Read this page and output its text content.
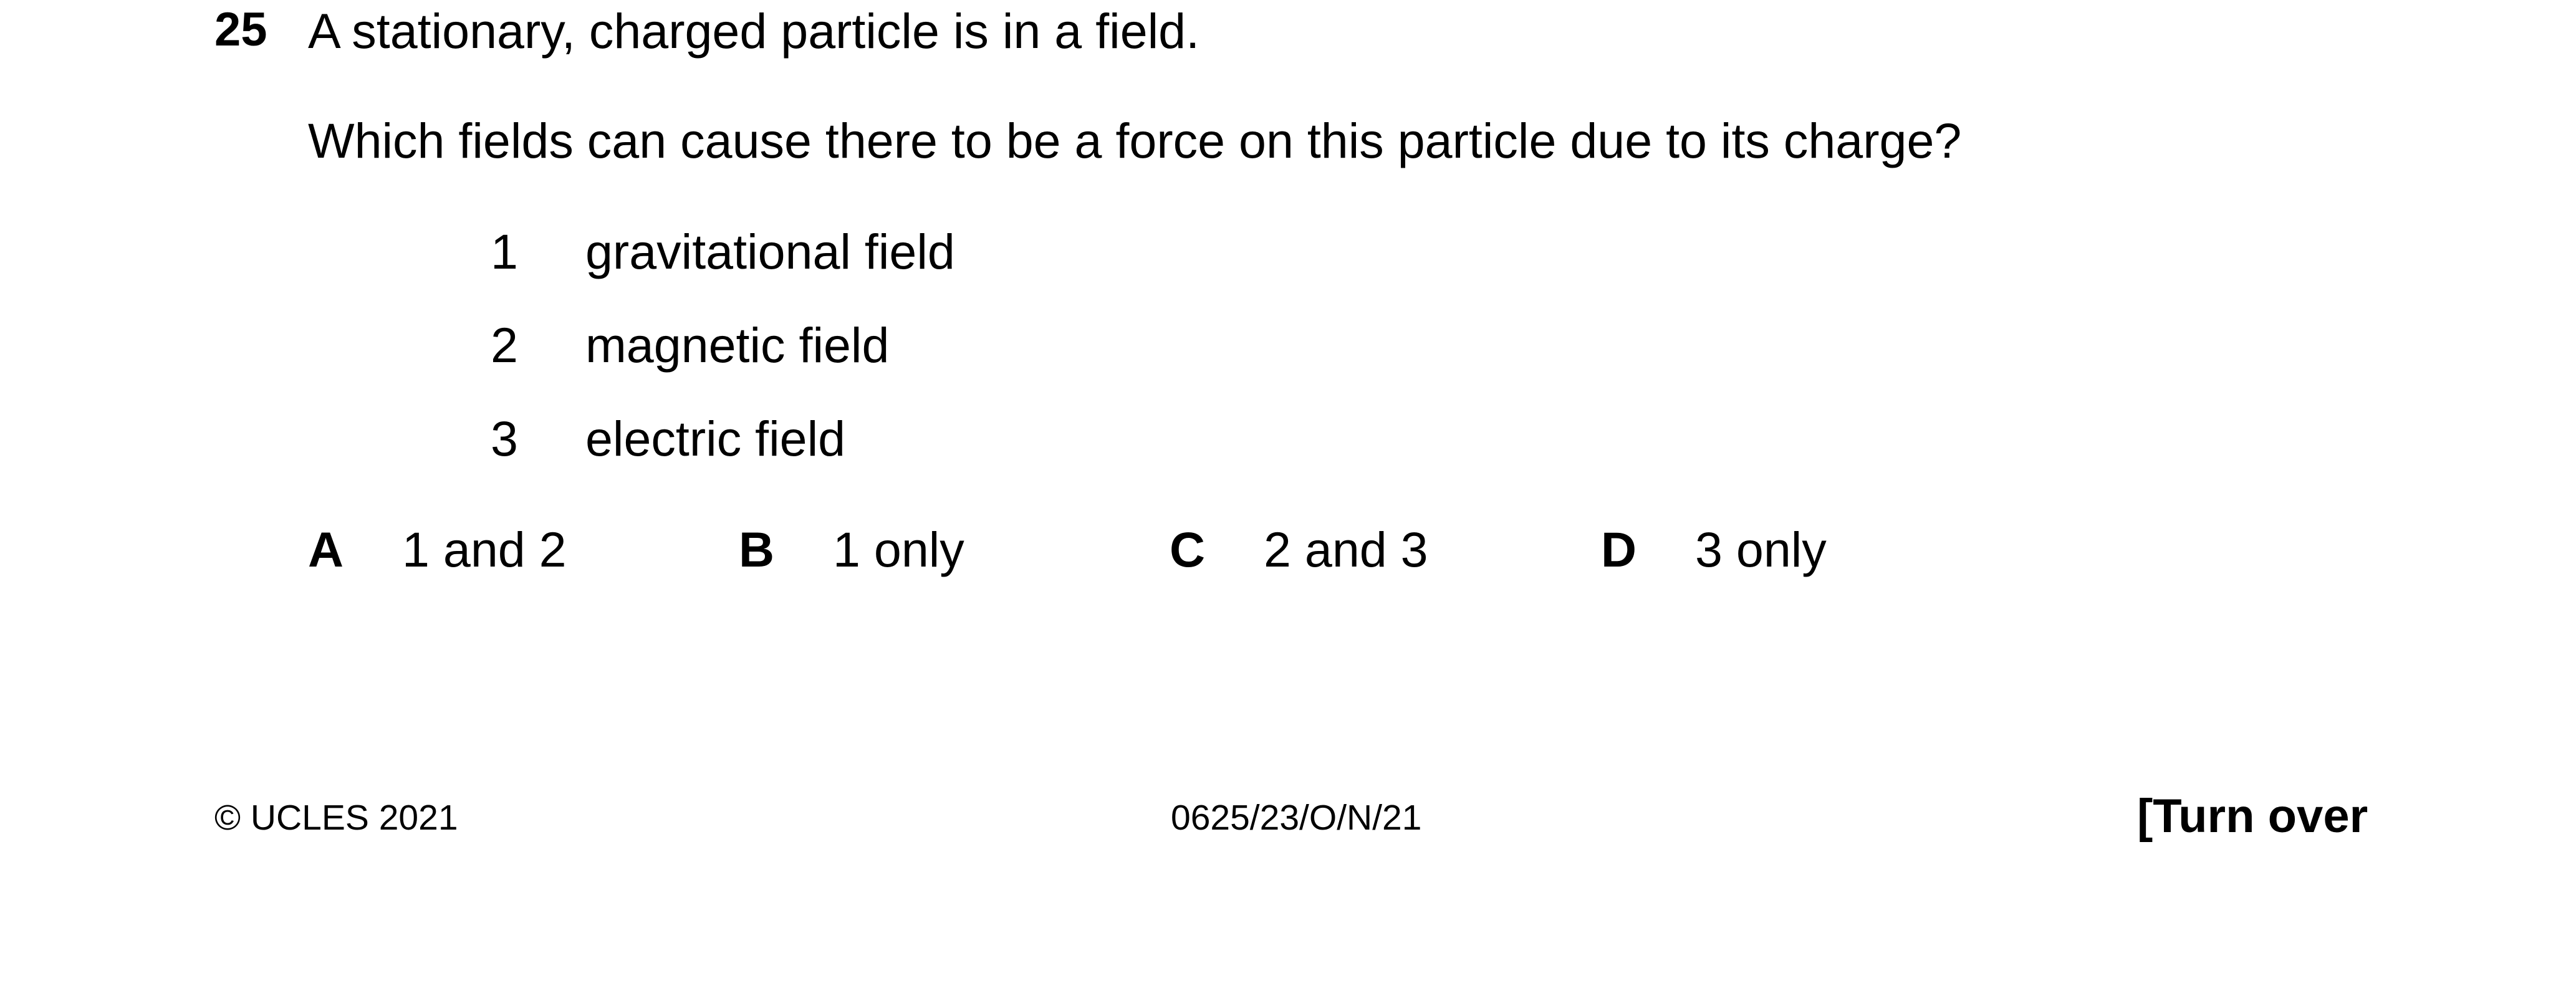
25 A stationary, charged particle is in a field.
Which fields can cause there to be a force on this particle due to its charge?
1 gravitational field
2 magnetic field
3 electric field
A 1 and 2	B 1 only	C 2 and 3	D 3 only
© UCLES 2021	0625/23/O/N/21	[Turn over
